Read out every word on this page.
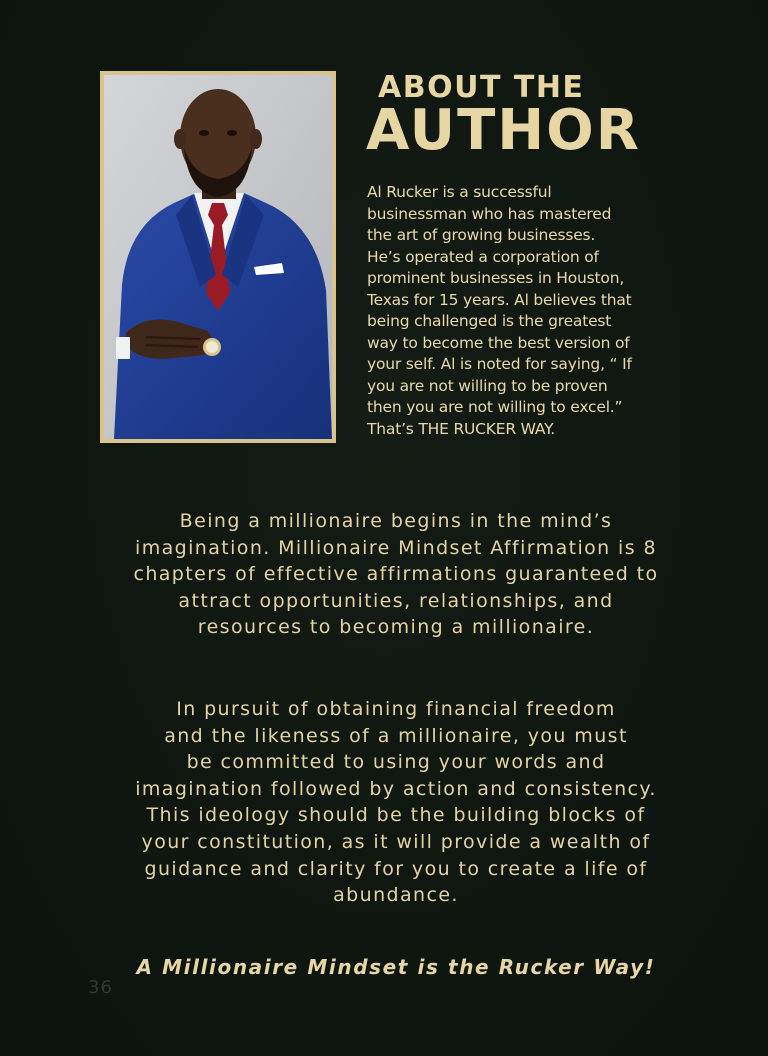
ABOUT THE
AUTHOR

Al Rucker is a successful
businessman who has mastered
the art of growing businesses.
He’s operated a corporation of
prominent businesses in Houston,
Texas for 15 years. Al believes that
being challenged is the greatest
way to become the best version of
your self. Al is noted for saying, “ If
you are not willing to be proven
then you are not willing to excel.”
That’s THE RUCKER WAY.

Being a millionaire begins in the mind’s
imagination. Millionaire Mindset Affirmation is 8
chapters of effective affirmations guaranteed to
attract opportunities, relationships, and
resources to becoming a millionaire.

In pursuit of obtaining financial freedom
and the likeness of a millionaire, you must
be committed to using your words and
imagination followed by action and consistency.
This ideology should be the building blocks of
your constitution, as it will provide a wealth of
guidance and clarity for you to create a life of
abundance.

36

A Millionaire Mindset is the Rucker Way!
